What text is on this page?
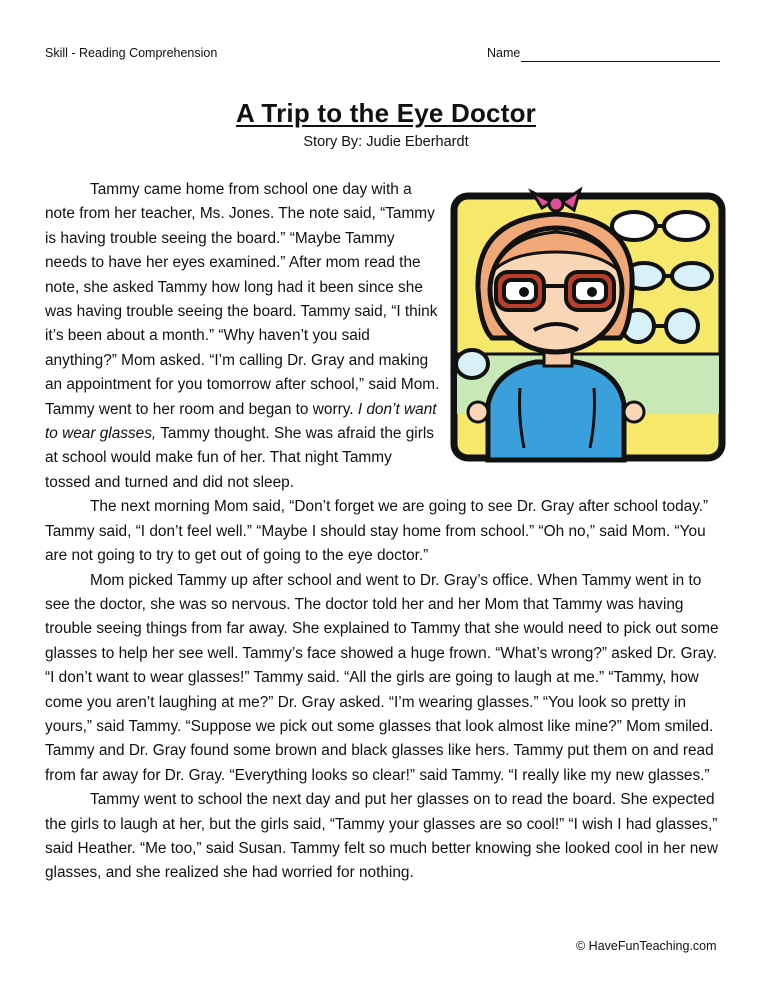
Skill - Reading Comprehension	Name
A Trip to the Eye Doctor
Story By: Judie Eberhardt

Tammy came home from school one day with a note from her teacher, Ms. Jones. The note said, “Tammy is having trouble seeing the board.” “Maybe Tammy needs to have her eyes examined.” After mom read the note, she asked Tammy how long had it been since she was having trouble seeing the board. Tammy said, “I think it’s been about a month.” “Why haven’t you said anything?” Mom asked. “I’m calling Dr. Gray and making an appointment for you tomorrow after school,” said Mom. Tammy went to her room and began to worry. I don’t want to wear glasses, Tammy thought. She was afraid the girls at school would make fun of her. That night Tammy tossed and turned and did not sleep.

The next morning Mom said, “Don’t forget we are going to see Dr. Gray after school today.” Tammy said, “I don’t feel well.” “Maybe I should stay home from school.” “Oh no,” said Mom. “You are not going to try to get out of going to the eye doctor.”

Mom picked Tammy up after school and went to Dr. Gray’s office. When Tammy went in to see the doctor, she was so nervous. The doctor told her and her Mom that Tammy was having trouble seeing things from far away. She explained to Tammy that she would need to pick out some glasses to help her see well. Tammy’s face showed a huge frown. “What’s wrong?” asked Dr. Gray. “I don’t want to wear glasses!” Tammy said. “All the girls are going to laugh at me.” “Tammy, how come you aren’t laughing at me?” Dr. Gray asked. “I’m wearing glasses.” “You look so pretty in yours,” said Tammy. “Suppose we pick out some glasses that look almost like mine?” Mom smiled. Tammy and Dr. Gray found some brown and black glasses like hers. Tammy put them on and read from far away for Dr. Gray. “Everything looks so clear!” said Tammy. “I really like my new glasses.”

Tammy went to school the next day and put her glasses on to read the board. She expected the girls to laugh at her, but the girls said, “Tammy your glasses are so cool!” “I wish I had glasses,” said Heather. “Me too,” said Susan. Tammy felt so much better knowing she looked cool in her new glasses, and she realized she had worried for nothing.

© HaveFunTeaching.com
